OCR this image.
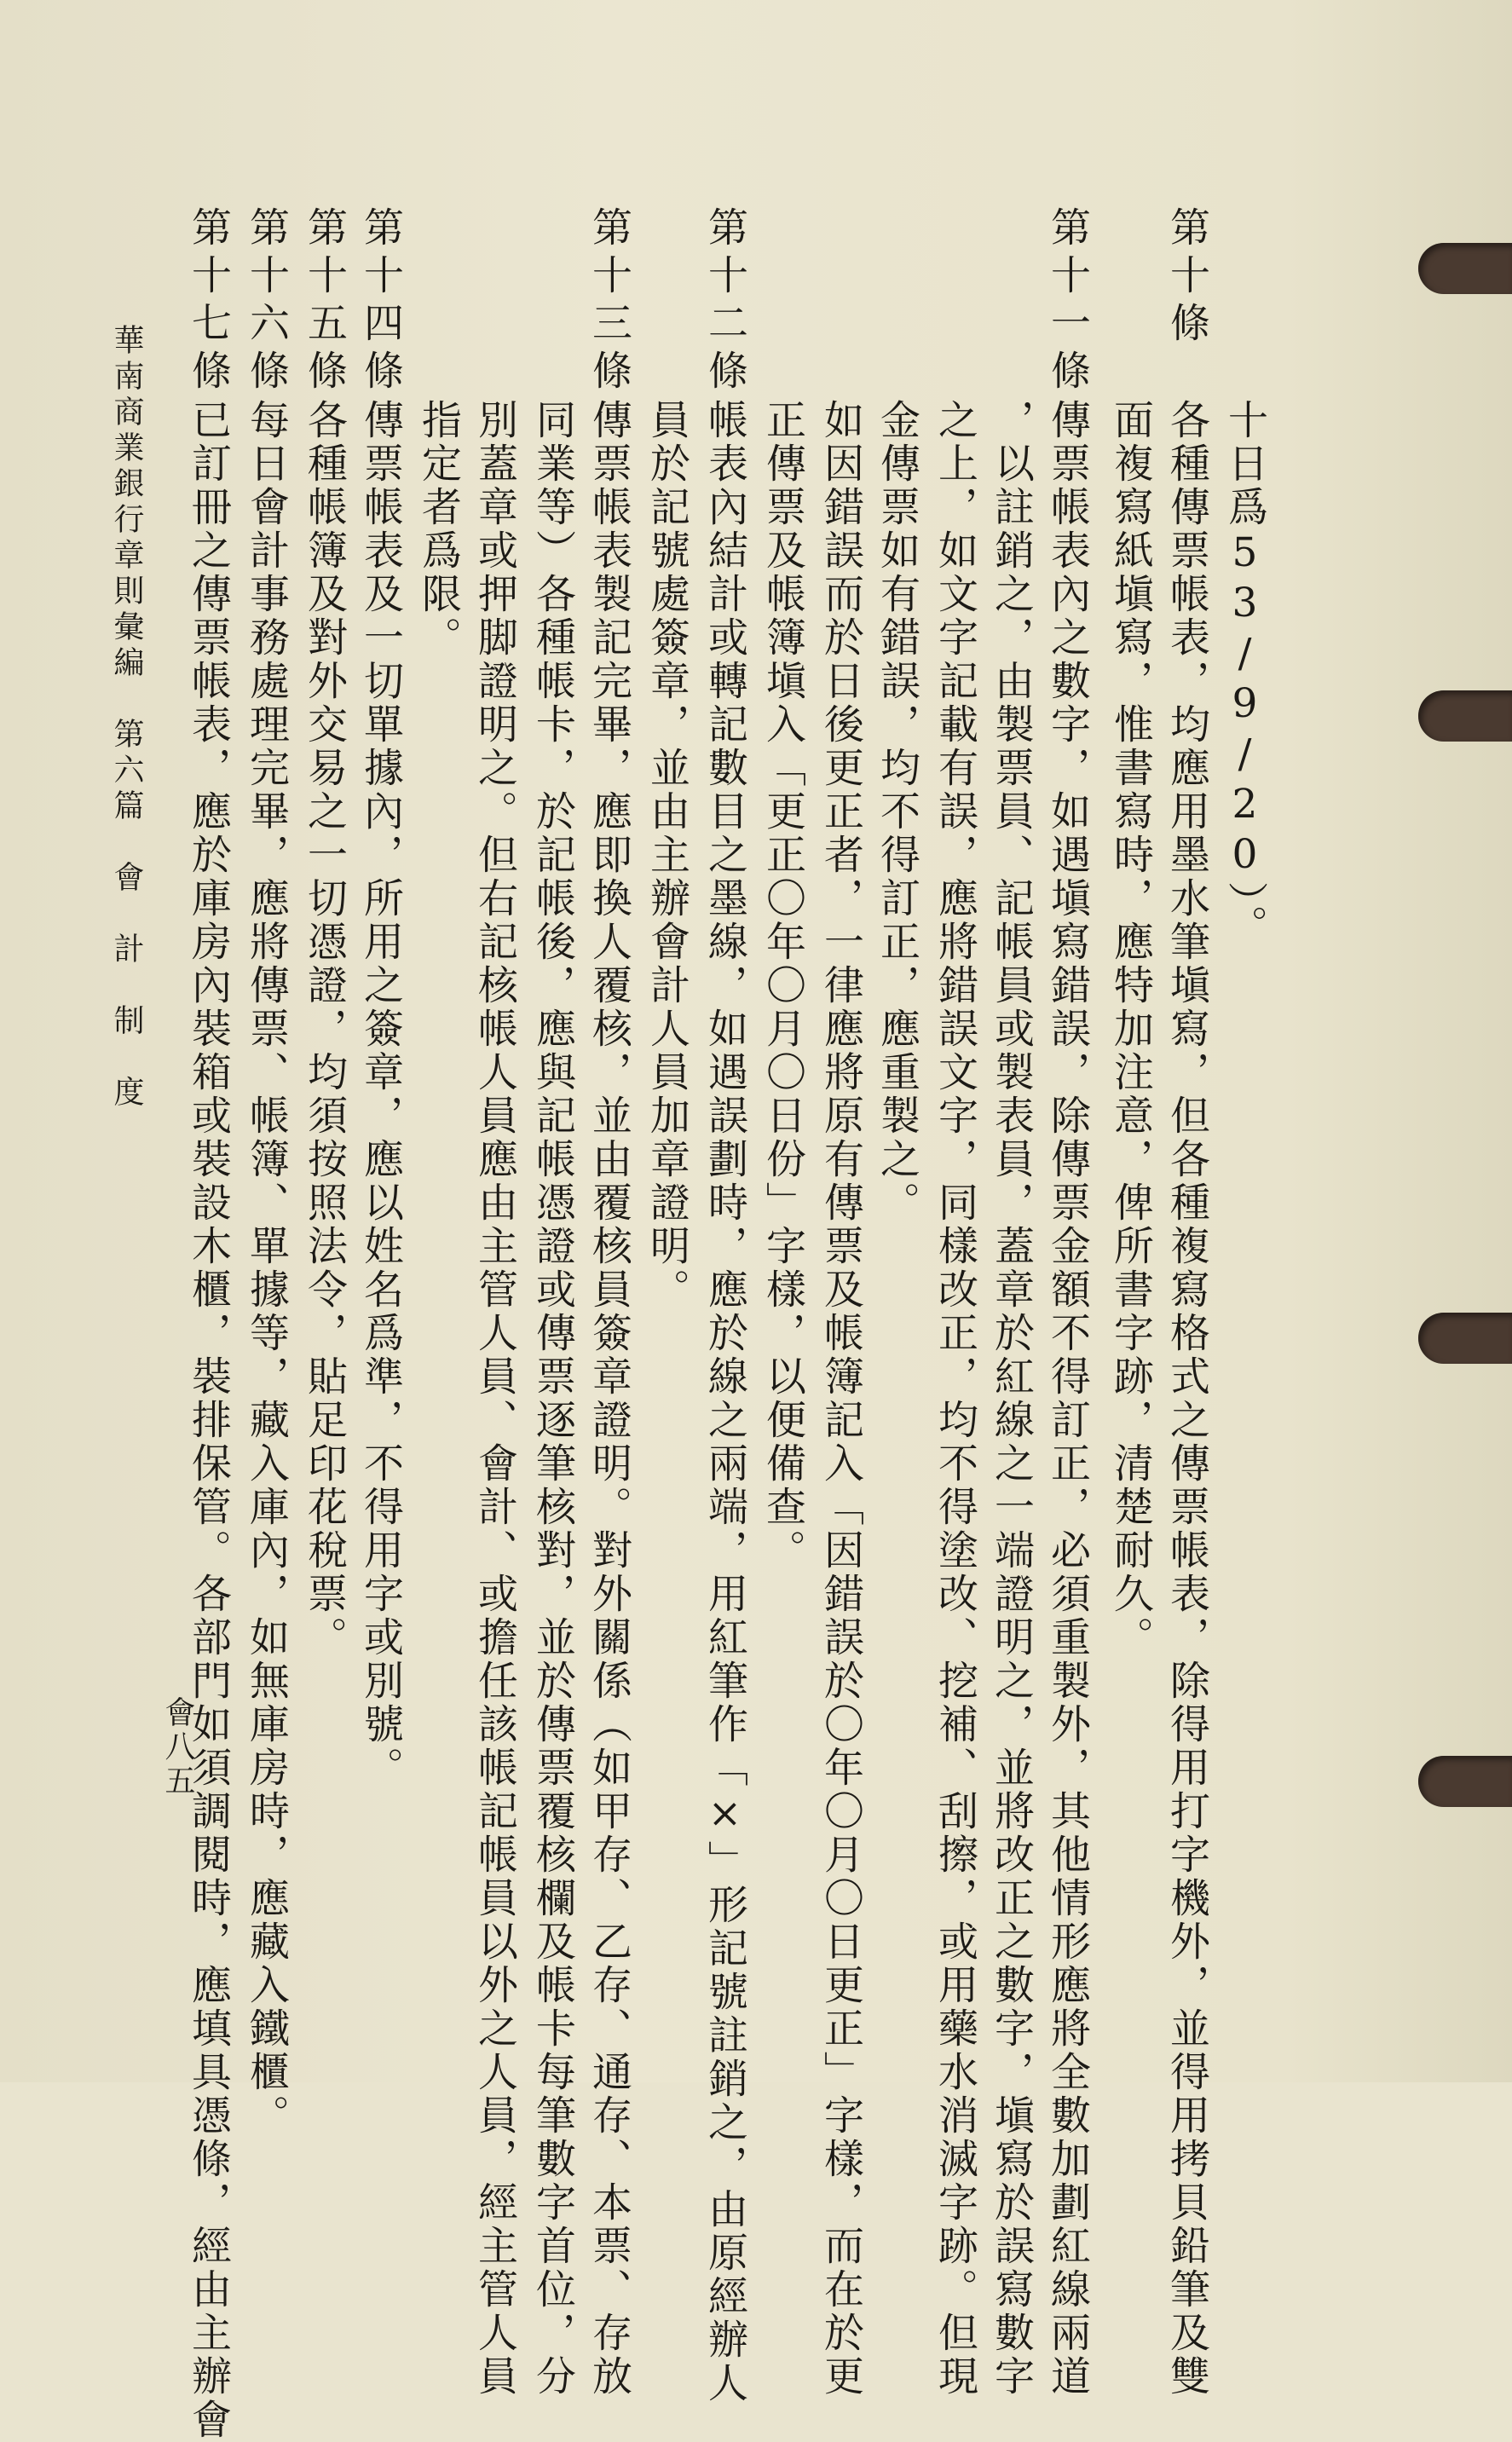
十日爲53/9/20）。
第十條
各種傳票帳表，均應用墨水筆塡寫，但各種複寫格式之傳票帳表，除得用打字機外，並得用拷貝鉛筆及雙
面複寫紙塡寫，惟書寫時，應特加注意，俾所書字跡，清楚耐久。
第十一條
傳票帳表內之數字，如遇塡寫錯誤，除傳票金額不得訂正，必須重製外，其他情形應將全數加劃紅線兩道
，以註銷之，由製票員、記帳員或製表員，蓋章於紅線之一端證明之，並將改正之數字，塡寫於誤寫數字
之上，如文字記載有誤，應將錯誤文字，同樣改正，均不得塗改、挖補、刮擦，或用藥水消滅字跡。但現
金傳票如有錯誤，均不得訂正，應重製之。
如因錯誤而於日後更正者，一律應將原有傳票及帳簿記入「因錯誤於〇年〇月〇日更正」字樣，而在於更
正傳票及帳簿塡入「更正〇年〇月〇日份」字樣，以便備查。
第十二條
帳表內結計或轉記數目之墨線，如遇誤劃時，應於線之兩端，用紅筆作「×」形記號註銷之，由原經辦人
員於記號處簽章，並由主辦會計人員加章證明。
第十三條
傳票帳表製記完畢，應即換人覆核，並由覆核員簽章證明。對外關係（如甲存、乙存、通存、本票、存放
同業等）各種帳卡，於記帳後，應與記帳憑證或傳票逐筆核對，並於傳票覆核欄及帳卡每筆數字首位，分
別蓋章或押脚證明之。但右記核帳人員應由主管人員、會計、或擔任該帳記帳員以外之人員，經主管人員
指定者爲限。
第十四條
傳票帳表及一切單據內，所用之簽章，應以姓名爲準，不得用字或別號。
第十五條
各種帳簿及對外交易之一切憑證，均須按照法令，貼足印花稅票。
第十六條
每日會計事務處理完畢，應將傳票、帳簿、單據等，藏入庫內，如無庫房時，應藏入鐵櫃。
第十七條
已訂冊之傳票帳表，應於庫房內裝箱或裝設木櫃，裝排保管。各部門如須調閱時，應填具憑條，經由主辦會
華南商業銀行章則彙編　第六篇　會　計　制　度
會八五
